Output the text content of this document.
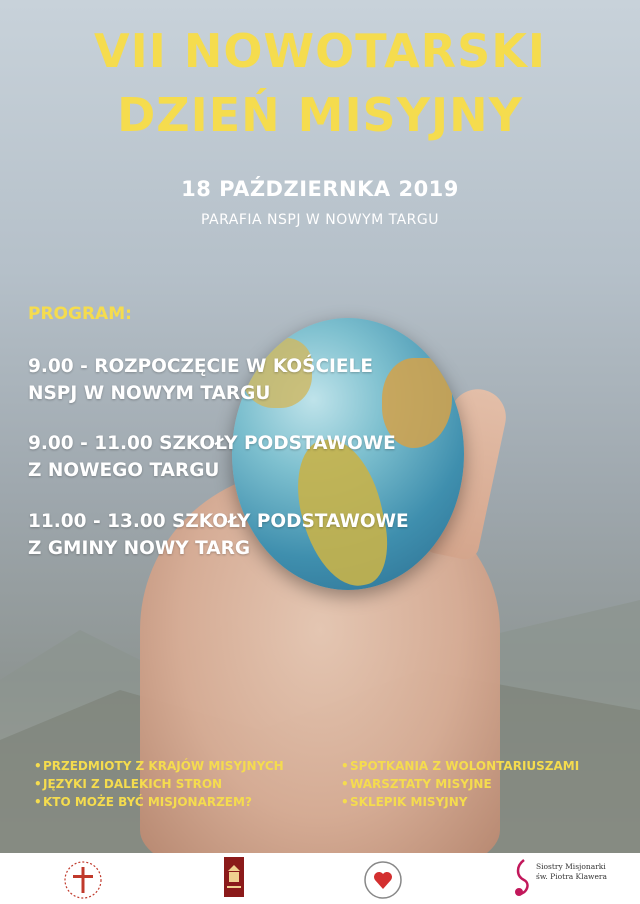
VII NOWOTARSKI
DZIEŃ MISYJNY
18 PAŹDZIERNKA 2019
PARAFIA NSPJ W NOWYM TARGU
PROGRAM:
9.00 - ROZPOCZĘCIE W KOŚCIELE
NSPJ W NOWYM TARGU
9.00 - 11.00 SZKOŁY PODSTAWOWE
Z NOWEGO TARGU
11.00 - 13.00 SZKOŁY PODSTAWOWE
Z GMINY NOWY TARG
•PRZEDMIOTY Z KRAJÓW MISYJNYCH
•JĘZYKI Z DALEKICH STRON
•KTO MOŻE BYĆ MISJONARZEM?
•SPOTKANIA Z WOLONTARIUSZAMI
•WARSZTATY MISYJNE
•SKLEPIK MISYJNY
Siostry Misjonarki
św. Piotra Klawera
